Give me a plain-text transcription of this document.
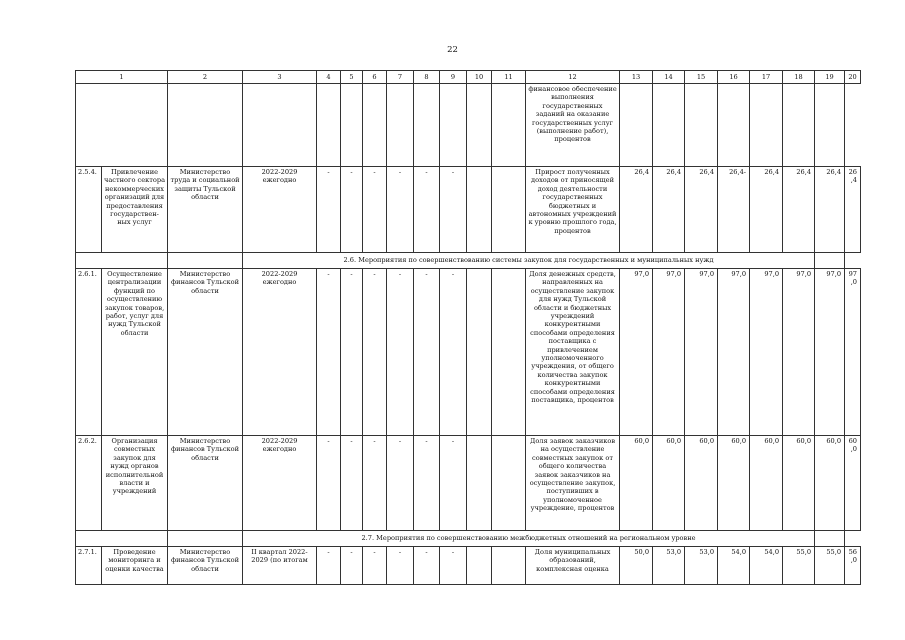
22
1		2	3	4	5	6	7	8	9	10	11	12	13	14	15	16	17	18	19	20
												финансовое обеспечение выполнения государственных заданий на оказание государственных услуг (выполнение работ), процентов								
2.5.4.	Привлечение частного сектора некоммерческих организаций для предоставления государствен-ных услуг	Министерство труда и социальной защиты Тульской области	2022-2029 ежегодно	-	-	-	-	-	-			Прирост полученных доходов от приносящей доход деятельности государственных бюджетных и автономных учреждений к уровню прошлого года, процентов	26,4	26,4	26,4	26,4-	26,4	26,4	26,4	26,4
			2.6. Мероприятия по совершенствованию системы закупок для государственных и муниципальных нужд																	
2.6.1.	Осуществление централизации функций по осуществлению закупок товаров, работ, услуг для нужд Тульской области	Министерство финансов Тульской области	2022-2029 ежегодно	-	-	-	-	-	-			Доля денежных средств, направленных на осуществление закупок для нужд Тульской области и бюджетных учреждений конкурентными способами определения поставщика с привлечением уполномоченного учреждения, от общего количества закупок конкурентными способами определения поставщика, процентов	97,0	97,0	97,0	97,0	97,0	97,0	97,0	97,0
2.6.2.	Организация совместных закупок для нужд органов исполнительной власти и учреждений	Министерство финансов Тульской области	2022-2029 ежегодно	-	-	-	-	-	-			Доля заявок заказчиков на осуществление совместных закупок от общего количества заявок заказчиков на осуществление закупок, поступивших в уполномоченное учреждение, процентов	60,0	60,0	60,0	60,0	60,0	60,0	60,0	60,0
			2.7. Мероприятия по совершенствованию межбюджетных отношений на региональном уровне																	
2.7.1.	Проведение мониторинга и оценки качества	Министерство финансов Тульской области	II квартал 2022-2029 (по итогам	-	-	-	-	-	-			Доля муниципальных образований, комплексная оценка	50,0	53,0	53,0	54,0	54,0	55,0	55,0	56,0
